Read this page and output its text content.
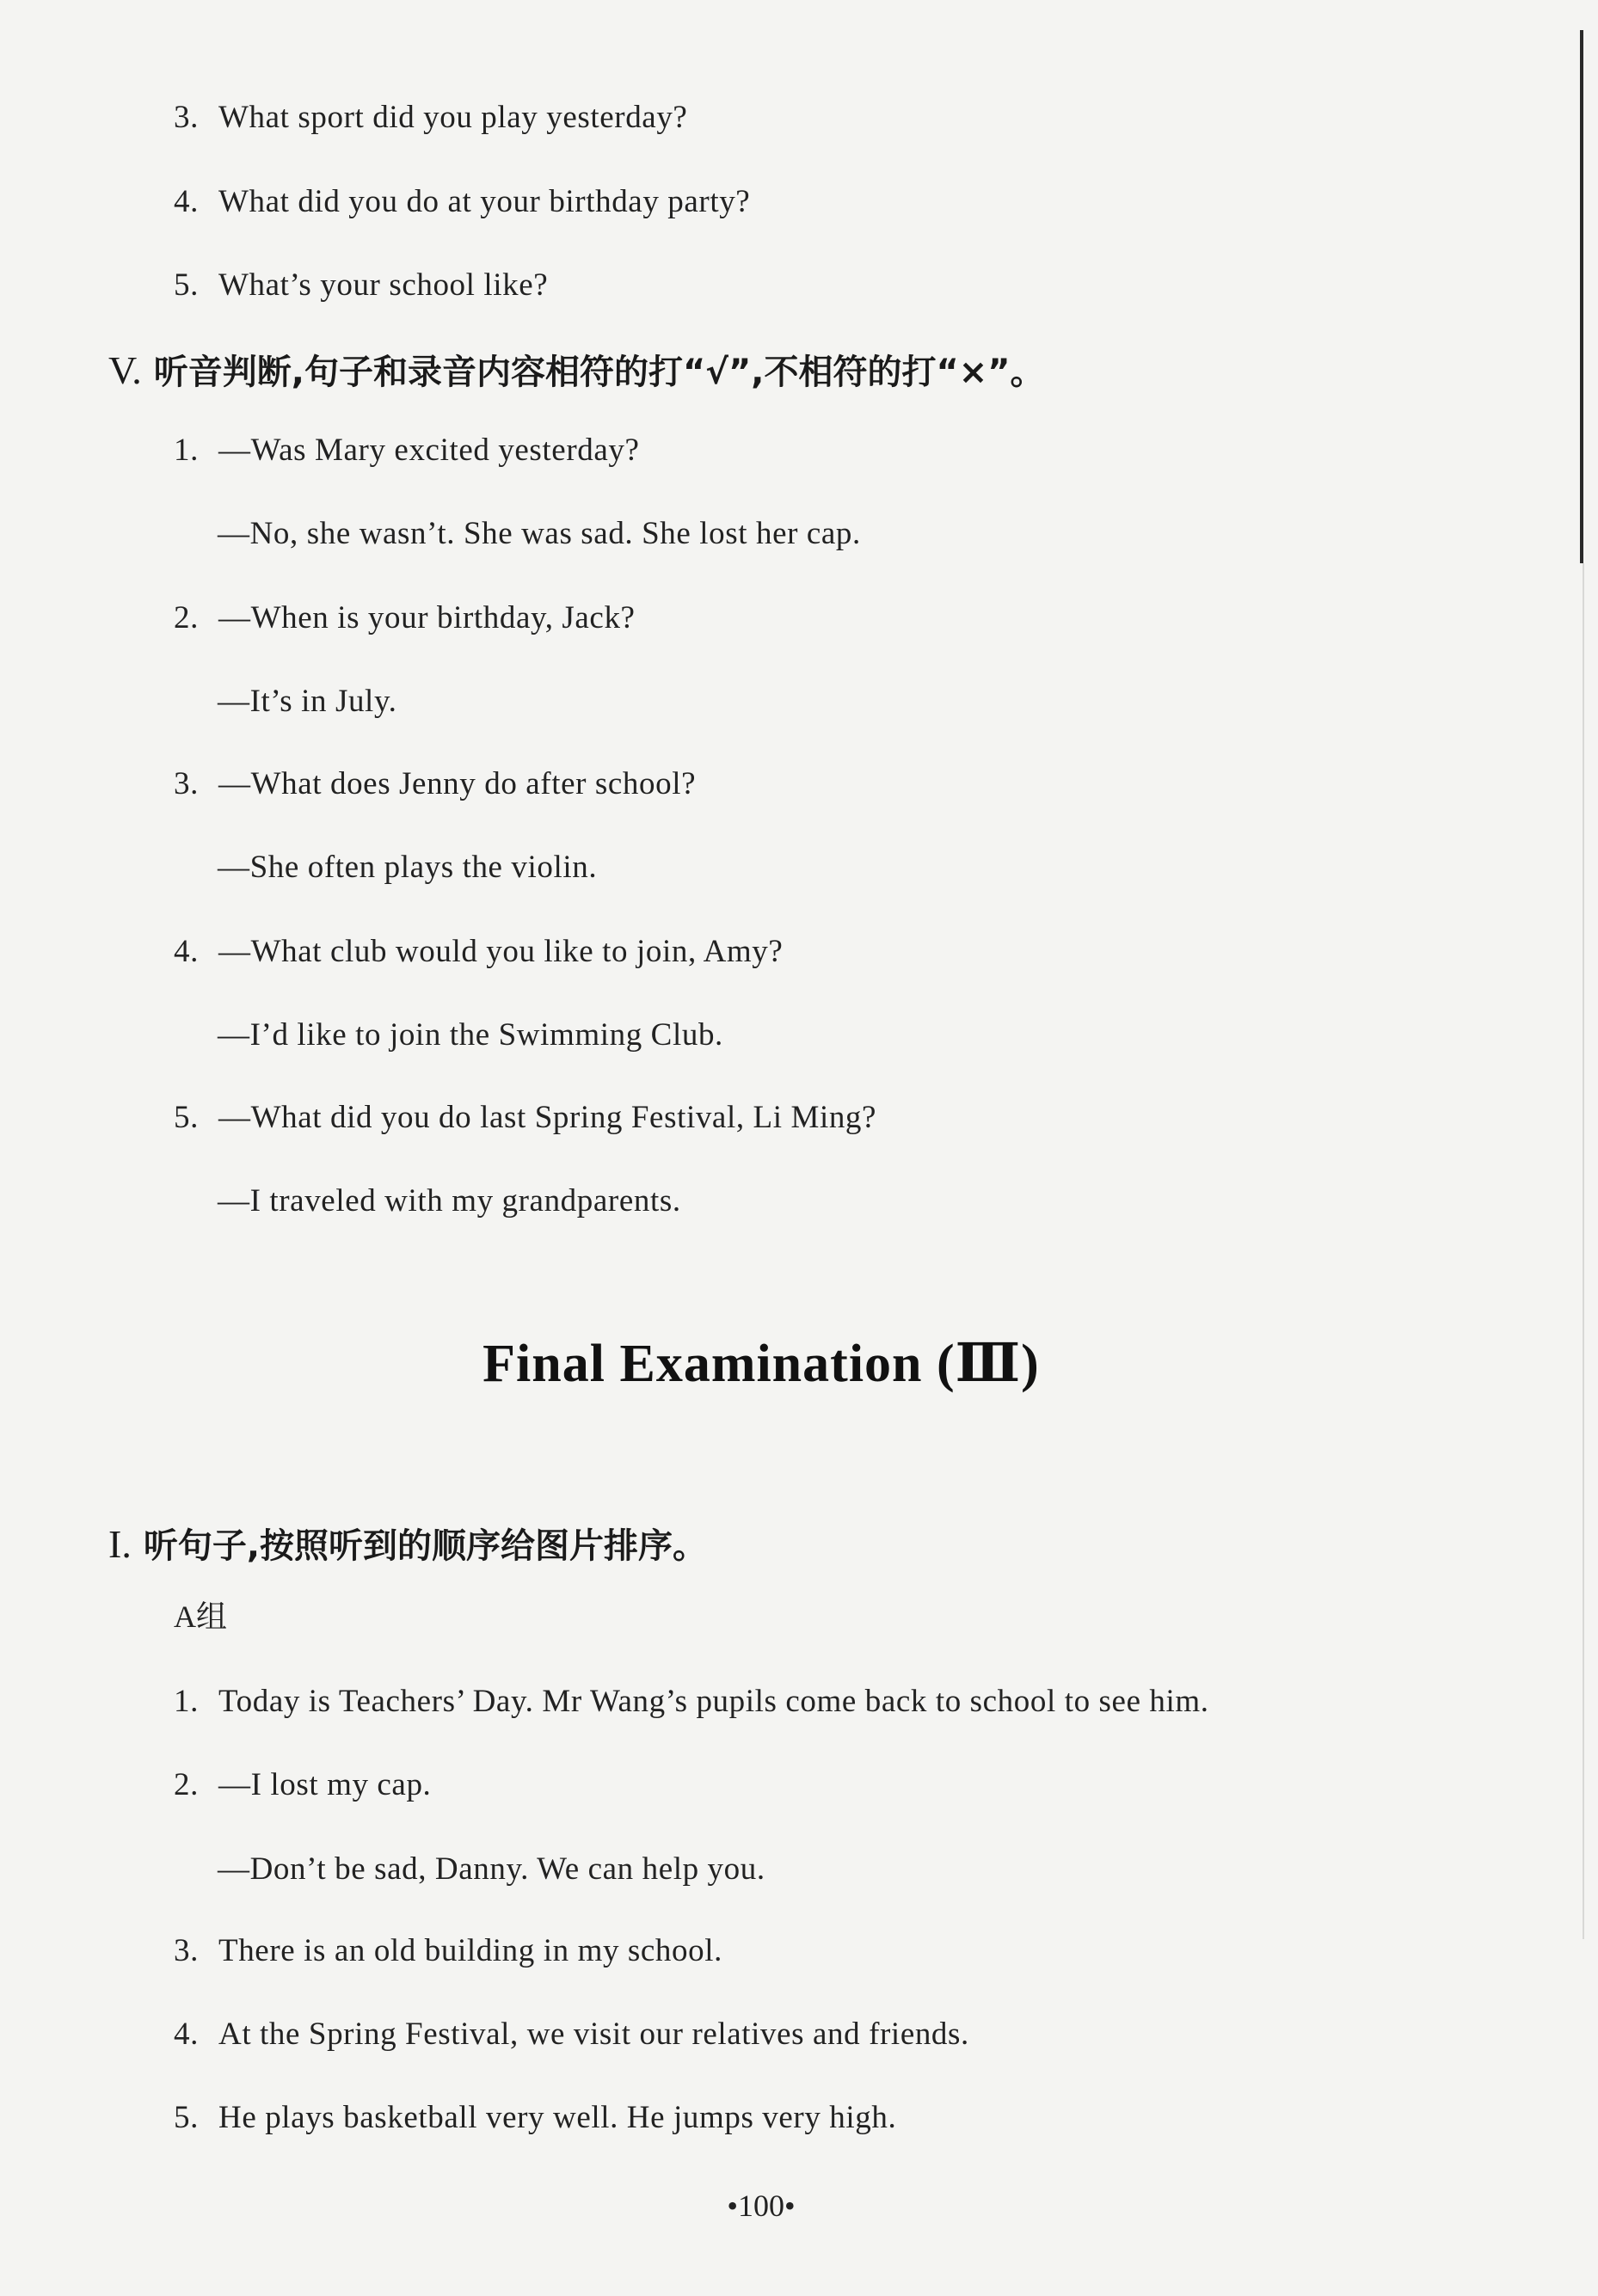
3. What sport did you play yesterday?
4. What did you do at your birthday party?
5. What’s your school like?
V. 听音判断,句子和录音内容相符的打“√”,不相符的打“×”。
1. —Was Mary excited yesterday?
—No, she wasn’t. She was sad. She lost her cap.
2. —When is your birthday, Jack?
—It’s in July.
3. —What does Jenny do after school?
—She often plays the violin.
4. —What club would you like to join, Amy?
—I’d like to join the Swimming Club.
5. —What did you do last Spring Festival, Li Ming?
—I traveled with my grandparents.
Final Examination (Ⅲ)
I. 听句子,按照听到的顺序给图片排序。
A组
1. Today is Teachers’ Day. Mr Wang’s pupils come back to school to see him.
2. —I lost my cap.
—Don’t be sad, Danny. We can help you.
3. There is an old building in my school.
4. At the Spring Festival, we visit our relatives and friends.
5. He plays basketball very well. He jumps very high.
•100•
